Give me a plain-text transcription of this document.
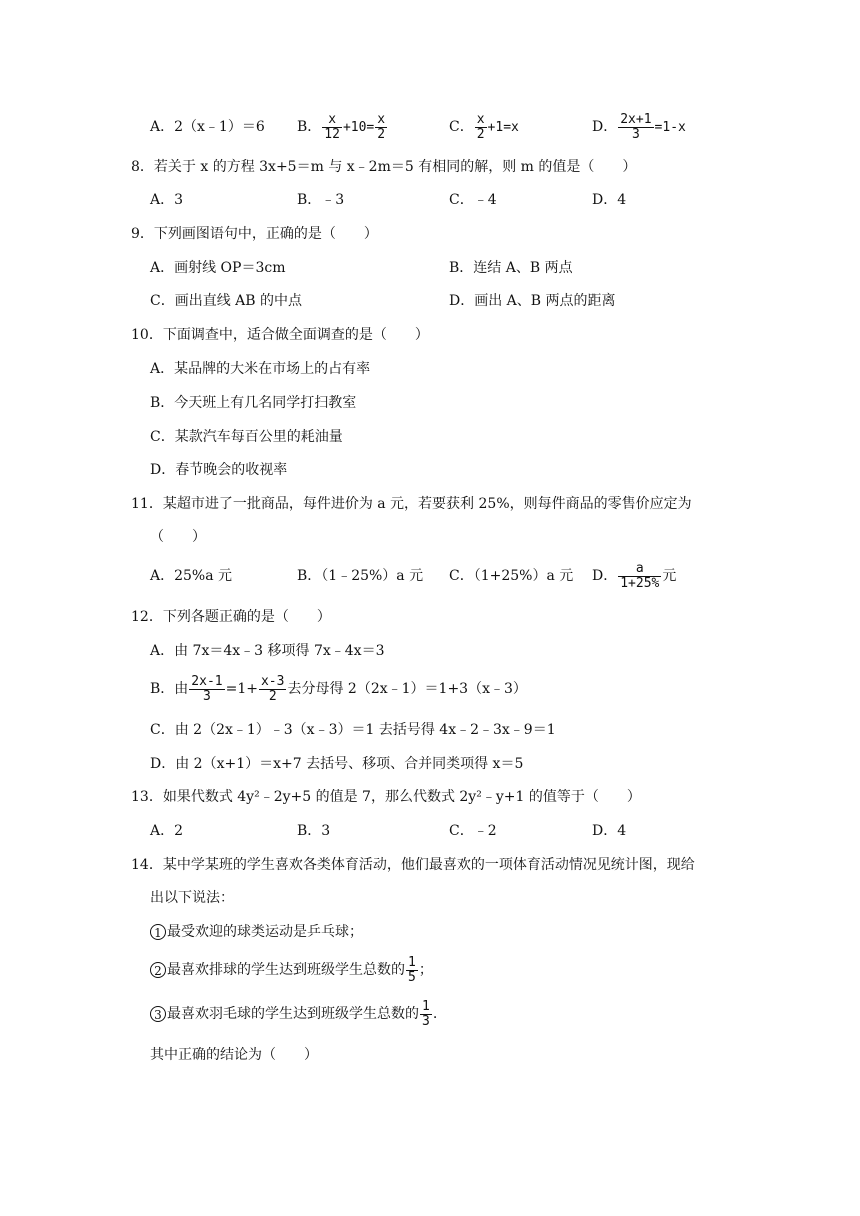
A．2（x﹣1）＝6 B． $\frac{x}{12} +10= \frac{x}{2}$	C． $\frac{x}{2} +1=x$	D． $\frac{2x+1}{3} =1-x$
8．若关于 x 的方程 3x+5＝m 与 x﹣2m＝5 有相同的解，则 m 的值是（　　）
A．3	B．﹣3	C．﹣4	D．4
9．下列画图语句中，正确的是（　　）
A．画射线 OP＝3cm	B．连结 A、B 两点
C．画出直线 AB 的中点	D．画出 A、B 两点的距离
10．下面调查中，适合做全面调查的是（　　）
A．某品牌的大米在市场上的占有率
B．今天班上有几名同学打扫教室
C．某款汽车每百公里的耗油量
D．春节晚会的收视率
11．某超市进了一批商品，每件进价为 a 元，若要获利 25%，则每件商品的零售价应定为
（　　）
A．25%a 元	B．（1﹣25%）a 元 C．（1+25%）a 元 D． $\frac{a}{1+25\%}$ 元
12．下列各题正确的是（　　）
A．由 7x＝4x﹣3 移项得 7x﹣4x＝3
B．由 $\frac{2x-1}{3} =1+ \frac{x-3}{2}$ 去分母得 2（2x﹣1）＝1+3（x﹣3）
C．由 2（2x﹣1）﹣3（x﹣3）＝1 去括号得 4x﹣2﹣3x﹣9＝1
D．由 2（x+1）＝x+7 去括号、移项、合并同类项得 x＝5
13．如果代数式 4y²﹣2y+5 的值是 7，那么代数式 2y²﹣y+1 的值等于（　　）
A．2	B．3	C．﹣2	D．4
14．某中学某班的学生喜欢各类体育活动，他们最喜欢的一项体育活动情况见统计图，现给
出以下说法：
1 最受欢迎的球类运动是乒乓球；
2 最喜欢排球的学生达到班级学生总数的 $\frac{1}{5}$ ；
3 最喜欢羽毛球的学生达到班级学生总数的 $\frac{1}{3}$ .
其中正确的结论为（　　）
